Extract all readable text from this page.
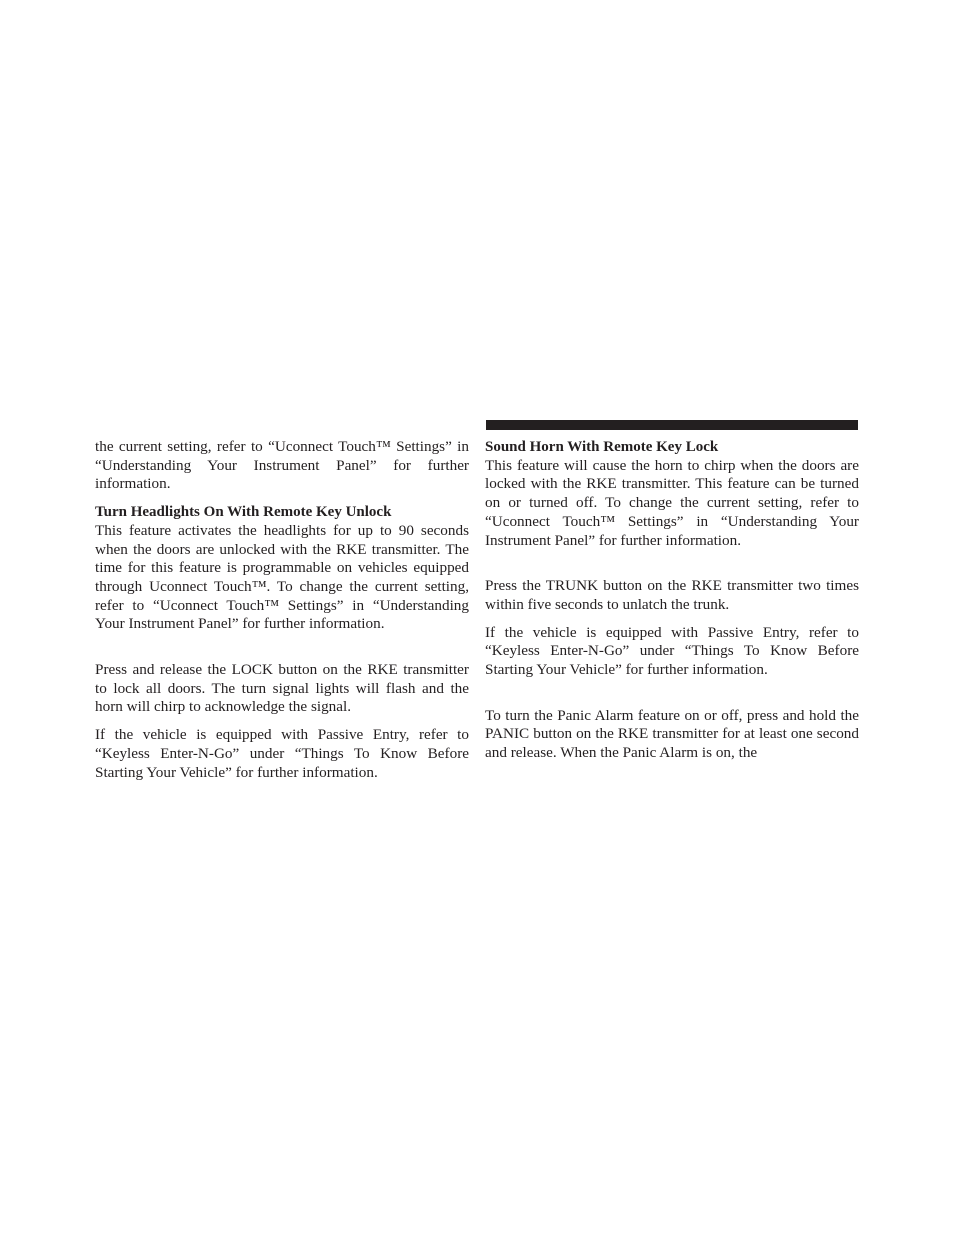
the current setting, refer to “Uconnect Touch™ Settings” in “Understanding Your Instrument Panel” for further information.

Turn Headlights On With Remote Key Unlock

This feature activates the headlights for up to 90 seconds when the doors are unlocked with the RKE transmitter. The time for this feature is programmable on vehicles equipped through Uconnect Touch™. To change the current setting, refer to “Uconnect Touch™ Settings” in “Understanding Your Instrument Panel” for further information.

Press and release the LOCK button on the RKE transmitter to lock all doors. The turn signal lights will flash and the horn will chirp to acknowledge the signal.

If the vehicle is equipped with Passive Entry, refer to “Keyless Enter-N-Go” under “Things To Know Before Starting Your Vehicle” for further information.

Sound Horn With Remote Key Lock

This feature will cause the horn to chirp when the doors are locked with the RKE transmitter. This feature can be turned on or turned off. To change the current setting, refer to “Uconnect Touch™ Settings” in “Understanding Your Instrument Panel” for further information.

Press the TRUNK button on the RKE transmitter two times within five seconds to unlatch the trunk.

If the vehicle is equipped with Passive Entry, refer to “Keyless Enter-N-Go” under “Things To Know Before Starting Your Vehicle” for further information.

To turn the Panic Alarm feature on or off, press and hold the PANIC button on the RKE transmitter for at least one second and release. When the Panic Alarm is on, the
